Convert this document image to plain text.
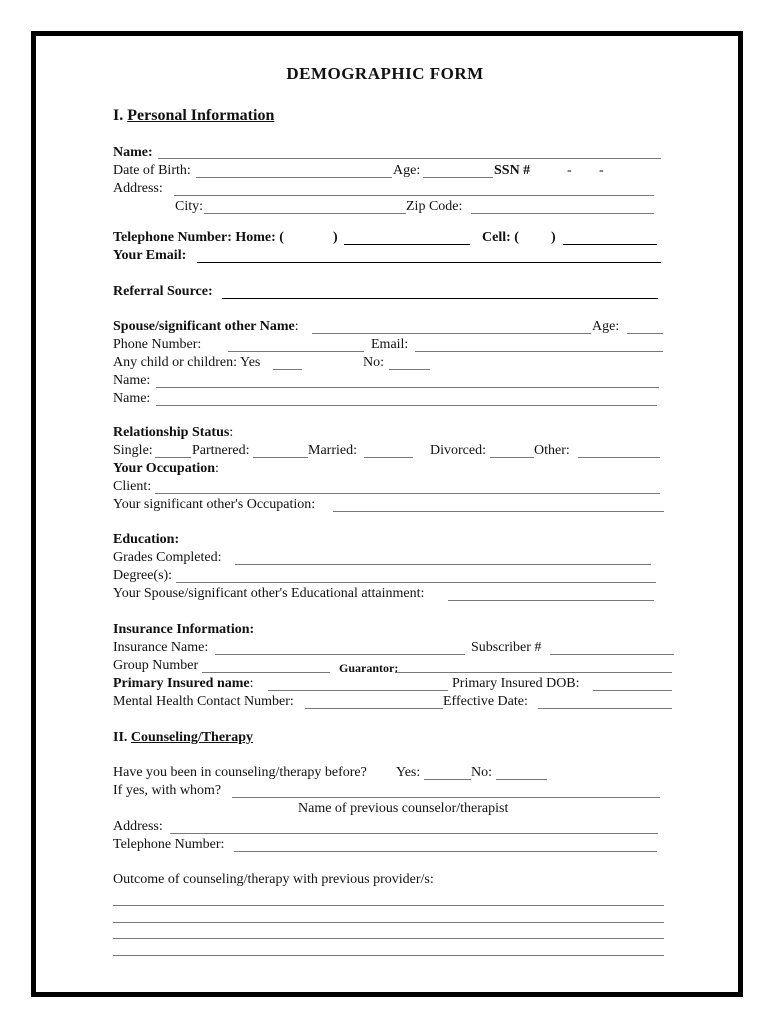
DEMOGRAPHIC FORM
I. Personal Information
Name:
Date of Birth:	Age:	SSN #	- -
Address:
City:	Zip Code:
Telephone Number: Home: (	)	Cell: ( )
Your Email:
Referral Source:
Spouse/significant other Name:	Age:
Phone Number:	Email:
Any child or children: Yes	No:
Name:
Name:
Relationship Status:
Single:	Partnered:	Married:	Divorced:	Other:
Your Occupation:
Client:
Your significant other's Occupation:
Education:
Grades Completed:
Degree(s):
Your Spouse/significant other's Educational attainment:
Insurance Information:
Insurance Name:	Subscriber #
Group Number	Guarantor:
Primary Insured name:	Primary Insured DOB:
Mental Health Contact Number:	Effective Date:
II. Counseling/Therapy
Have you been in counseling/therapy before? Yes:	No:
If yes, with whom?
Name of previous counselor/therapist
Address:
Telephone Number:
Outcome of counseling/therapy with previous provider/s:
